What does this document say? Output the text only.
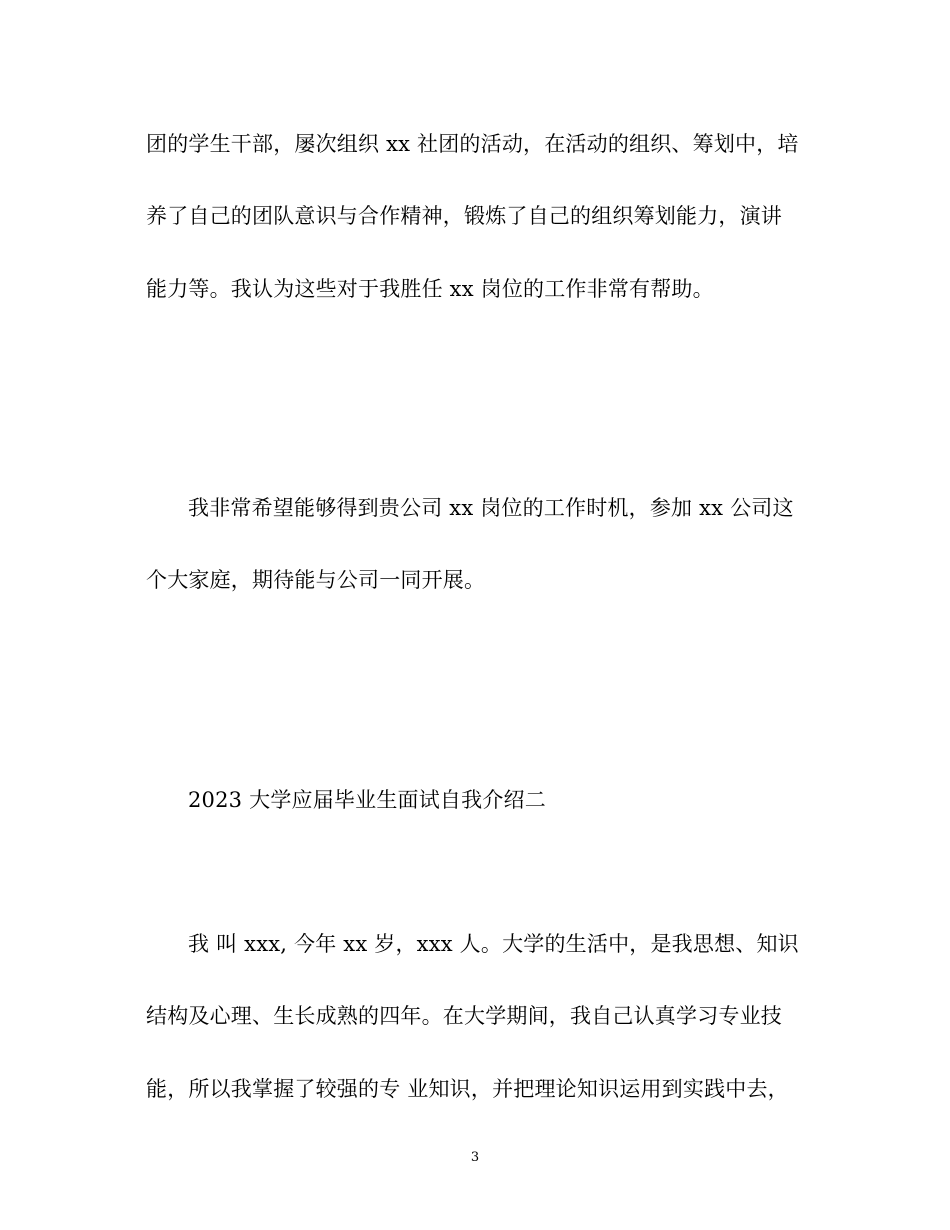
团的学生干部，屡次组织 xx 社团的活动，在活动的组织、筹划中，培
养了自己的团队意识与合作精神，锻炼了自己的组织筹划能力，演讲
能力等。我认为这些对于我胜任 xx 岗位的工作非常有帮助。
我非常希望能够得到贵公司 xx 岗位的工作时机，参加 xx 公司这
个大家庭，期待能与公司一同开展。
2023 大学应届毕业生面试自我介绍二
我 叫 xxx, 今年 xx 岁，xxx 人。大学的生活中，是我思想、知识
结构及心理、生长成熟的四年。在大学期间，我自己认真学习专业技
能，所以我掌握了较强的专 业知识，并把理论知识运用到实践中去，
3
